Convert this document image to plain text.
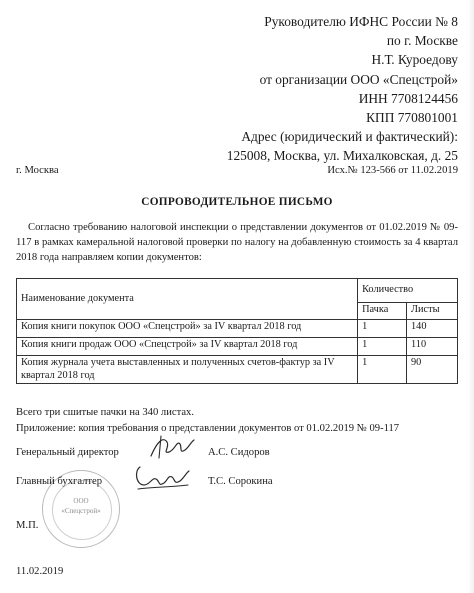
Руководителю ИФНС России № 8
по г. Москве
Н.Т. Куроедову
от организации ООО «Спецстрой»
ИНН 7708124456
КПП 770801001
Адрес (юридический и фактический):
125008, Москва, ул. Михалковская, д. 25
г. Москва	Исх.№ 123-566 от 11.02.2019
СОПРОВОДИТЕЛЬНОЕ ПИСЬМО
Согласно требованию налоговой инспекции о представлении документов от 01.02.2019 № 09-117 в рамках камеральной налоговой проверки по налогу на добавленную стоимость за 4 квартал 2018 года направляем копии документов:
Наименование документа	Количество	
	Пачка	Листы
Копия книги покупок ООО «Спецстрой» за IV квартал 2018 год	1	140
Копия книги продаж ООО «Спецстрой» за IV квартал 2018 год	1	110
Копия журнала учета выставленных и полученных счетов-фактур за IV квартал 2018 год	1	90
Всего три сшитые пачки на 340 листах.
Приложение: копия требования о представлении документов от 01.02.2019 № 09-117
Генеральный директор	А.С. Сидоров
ООО
«Спецстрой»
Главный бухгалтер	Т.С. Сорокина
М.П.
11.02.2019
